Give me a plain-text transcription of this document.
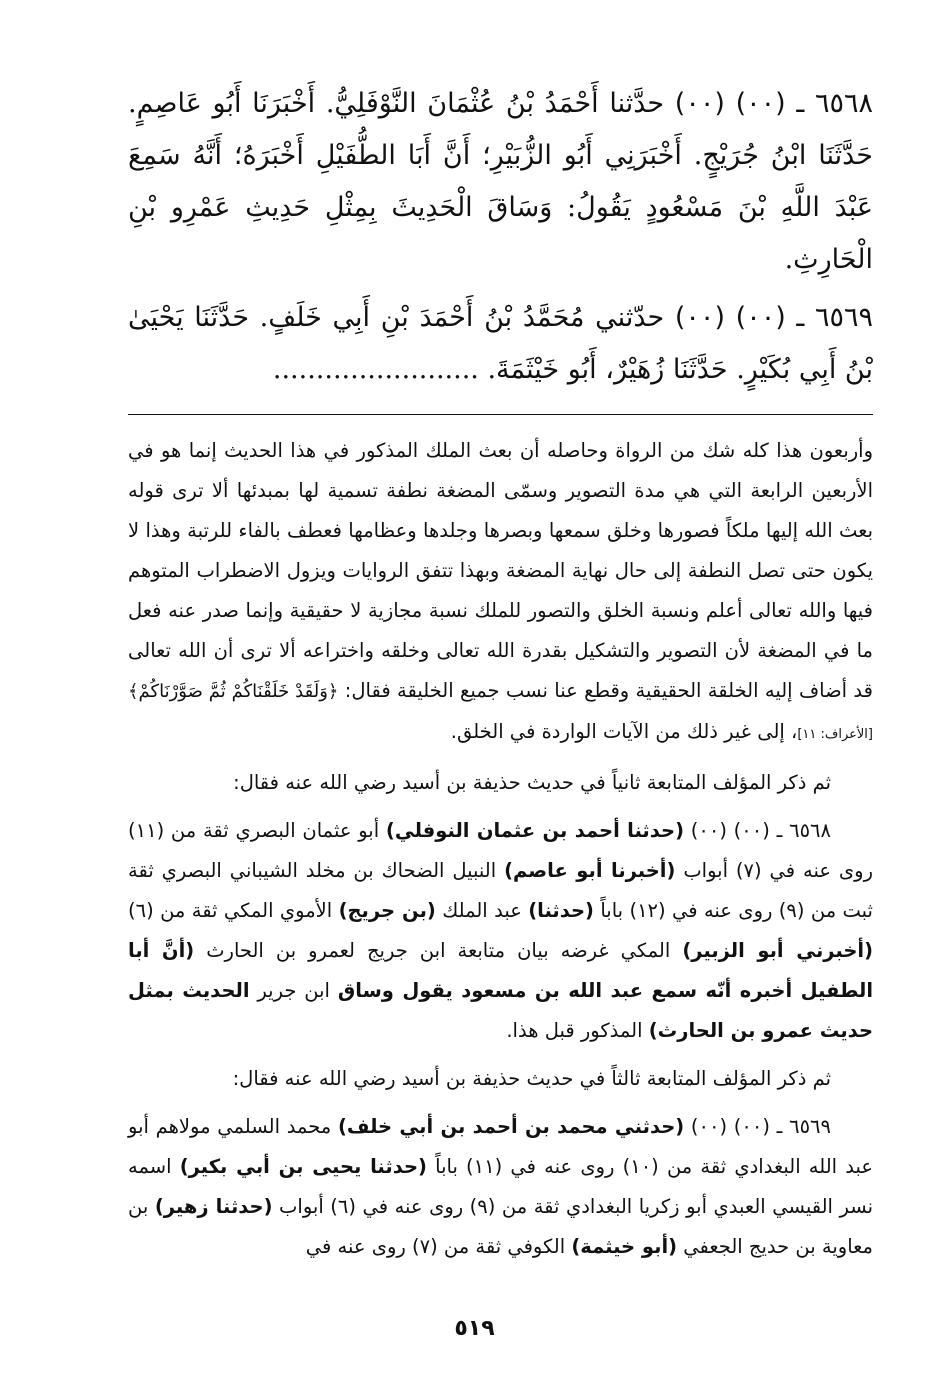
٦٥٦٨ ـ (٠٠) (٠٠) حدَّثنا أَحْمَدُ بْنُ عُثْمَانَ النَّوْفَلِيُّ. أَخْبَرَنَا أَبُو عَاصِمٍ. حَدَّثَنَا ابْنُ جُرَيْجٍ. أَخْبَرَنِي أَبُو الزُّبَيْرِ؛ أَنَّ أَبَا الطُّفَيْلِ أَخْبَرَهُ؛ أَنَّهُ سَمِعَ عَبْدَ اللَّهِ بْنَ مَسْعُودٍ يَقُولُ: وَسَاقَ الْحَدِيثَ بِمِثْلِ حَدِيثِ عَمْرِو بْنِ الْحَارِثِ.

٦٥٦٩ ـ (٠٠) (٠٠) حدّثني مُحَمَّدُ بْنُ أَحْمَدَ بْنِ أَبِي خَلَفٍ. حَدَّثَنَا يَحْيَىٰ بْنُ أَبِي بُكَيْرٍ. حَدَّثَنَا زُهَيْرٌ، أَبُو خَيْثَمَةَ. ........................

وأربعون هذا كله شك من الرواة وحاصله أن بعث الملك المذكور في هذا الحديث إنما هو في الأربعين الرابعة التي هي مدة التصوير وسمّى المضغة نطفة تسمية لها بمبدئها ألا ترى قوله بعث الله إليها ملكاً فصورها وخلق سمعها وبصرها وجلدها وعظامها فعطف بالفاء للرتبة وهذا لا يكون حتى تصل النطفة إلى حال نهاية المضغة وبهذا تتفق الروايات ويزول الاضطراب المتوهم فيها والله تعالى أعلم ونسبة الخلق والتصور للملك نسبة مجازية لا حقيقية وإنما صدر عنه فعل ما في المضغة لأن التصوير والتشكيل بقدرة الله تعالى وخلقه واختراعه ألا ترى أن الله تعالى قد أضاف إليه الخلقة الحقيقية وقطع عنا نسب جميع الخليقة فقال: ﴿وَلَقَدْ خَلَقْنَاكُمْ ثُمَّ صَوَّرْنَاكُمْ﴾ [الأعراف: ١١]، إلى غير ذلك من الآيات الواردة في الخلق.

ثم ذكر المؤلف المتابعة ثانياً في حديث حذيفة بن أسيد رضي الله عنه فقال:

٦٥٦٨ ـ (٠٠) (٠٠) (حدثنا أحمد بن عثمان النوفلي) أبو عثمان البصري ثقة من (١١) روى عنه في (٧) أبواب (أخبرنا أبو عاصم) النبيل الضحاك بن مخلد الشيباني البصري ثقة ثبت من (٩) روى عنه في (١٢) باباً (حدثنا) عبد الملك (بن جريج) الأموي المكي ثقة من (٦) (أخبرني أبو الزبير) المكي غرضه بيان متابعة ابن جريج لعمرو بن الحارث (أنَّ أبا الطفيل أخبره أنّه سمع عبد الله بن مسعود يقول وساق ابن جرير الحديث بمثل حديث عمرو بن الحارث) المذكور قبل هذا.

ثم ذكر المؤلف المتابعة ثالثاً في حديث حذيفة بن أسيد رضي الله عنه فقال:

٦٥٦٩ ـ (٠٠) (٠٠) (حدثني محمد بن أحمد بن أبي خلف) محمد السلمي مولاهم أبو عبد الله البغدادي ثقة من (١٠) روى عنه في (١١) باباً (حدثنا يحيى بن أبي بكير) اسمه نسر القيسي العبدي أبو زكريا البغدادي ثقة من (٩) روى عنه في (٦) أبواب (حدثنا زهير) بن معاوية بن حديج الجعفي (أبو خيثمة) الكوفي ثقة من (٧) روى عنه في

٥١٩
